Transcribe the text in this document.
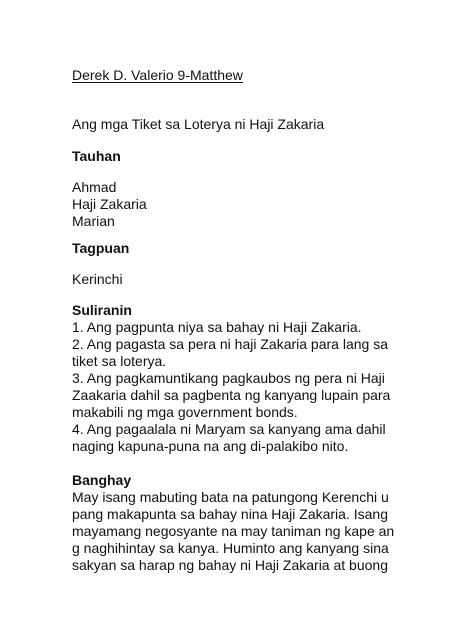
Derek D. Valerio 9-Matthew
Ang mga Tiket sa Loterya ni Haji Zakaria
Tauhan
Ahmad
Haji Zakaria
Marian
Tagpuan
Kerinchi
Suliranin
1. Ang pagpunta niya sa bahay ni Haji Zakaria.
2. Ang pagasta sa pera ni haji Zakaria para lang sa
tiket sa loterya.
3. Ang pagkamuntikang pagkaubos ng pera ni Haji
Zaakaria dahil sa pagbenta ng kanyang lupain para
makabili ng mga government bonds.
4. Ang pagaalala ni Maryam sa kanyang ama dahil
naging kapuna-puna na ang di-palakibo nito.
Banghay
May isang mabuting bata na patungong Kerenchi u
pang makapunta sa bahay nina Haji Zakaria. Isang
mayamang negosyante na may taniman ng kape an
g naghihintay sa kanya. Huminto ang kanyang sina
sakyan sa harap ng bahay ni Haji Zakaria at buong
